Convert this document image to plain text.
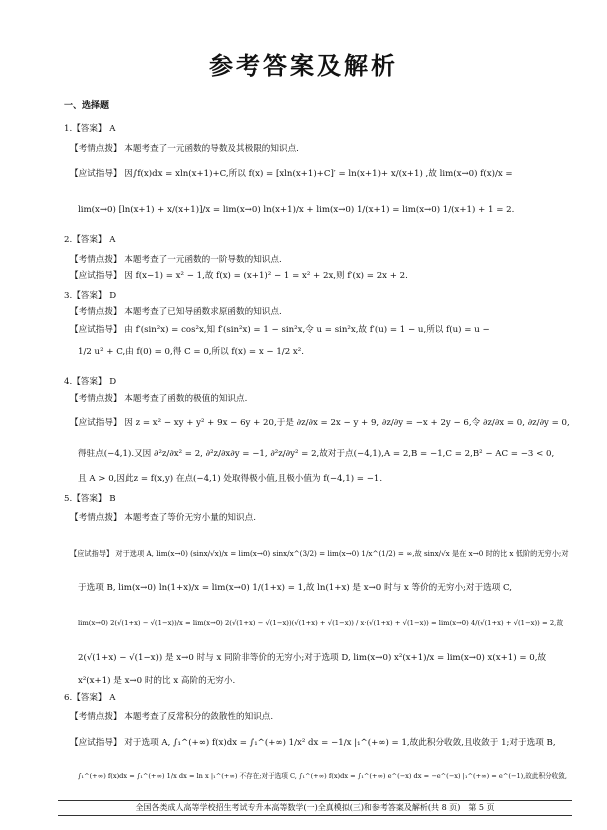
参考答案及解析
一、选择题
1.【答案】 A
【考情点拨】 本题考查了一元函数的导数及其极限的知识点.
【应试指导】 因∫f(x)dx = xln(x+1)+C,所以 f(x) = [xln(x+1)+C]′ = ln(x+1)+ x/(x+1) ,故 lim(x→0) f(x)/x =
lim(x→0) [ln(x+1) + x/(x+1)]/x = lim(x→0) ln(x+1)/x + lim(x→0) 1/(x+1) = lim(x→0) 1/(x+1) + 1 = 2.
2.【答案】 A
【考情点拨】 本题考查了一元函数的一阶导数的知识点.
【应试指导】 因 f(x−1) = x² − 1,故 f(x) = (x+1)² − 1 = x² + 2x,则 f′(x) = 2x + 2.
3.【答案】 D
【考情点拨】 本题考查了已知导函数求原函数的知识点.
【应试指导】 由 f′(sin²x) = cos²x,知 f′(sin²x) = 1 − sin²x,令 u = sin²x,故 f′(u) = 1 − u,所以 f(u) = u −
1/2 u² + C,由 f(0) = 0,得 C = 0,所以 f(x) = x − 1/2 x².
4.【答案】 D
【考情点拨】 本题考查了函数的极值的知识点.
【应试指导】 因 z = x² − xy + y² + 9x − 6y + 20,于是 ∂z/∂x = 2x − y + 9, ∂z/∂y = −x + 2y − 6,令 ∂z/∂x = 0, ∂z/∂y = 0,
得驻点(−4,1).又因 ∂²z/∂x² = 2, ∂²z/∂x∂y = −1, ∂²z/∂y² = 2,故对于点(−4,1),A = 2,B = −1,C = 2,B² − AC = −3 < 0,
且 A > 0,因此z = f(x,y) 在点(−4,1) 处取得极小值,且极小值为 f(−4,1) = −1.
5.【答案】 B
【考情点拨】 本题考查了等价无穷小量的知识点.
【应试指导】 对于选项 A, lim(x→0) (sinx/√x)/x = lim(x→0) sinx/x^(3/2) = lim(x→0) 1/x^(1/2) = ∞,故 sinx/√x 是在 x→0 时的比 x 低阶的无穷小;对
于选项 B, lim(x→0) ln(1+x)/x = lim(x→0) 1/(1+x) = 1,故 ln(1+x) 是 x→0 时与 x 等价的无穷小;对于选项 C,
lim(x→0) 2(√(1+x) − √(1−x))/x = lim(x→0) 2(√(1+x) − √(1−x))(√(1+x) + √(1−x)) / x·(√(1+x) + √(1−x)) = lim(x→0) 4/(√(1+x) + √(1−x)) = 2,故
2(√(1+x) − √(1−x)) 是 x→0 时与 x 同阶非等价的无穷小;对于选项 D, lim(x→0) x²(x+1)/x = lim(x→0) x(x+1) = 0,故
x²(x+1) 是 x→0 时的比 x 高阶的无穷小.
6.【答案】 A
【考情点拨】 本题考查了反常积分的敛散性的知识点.
【应试指导】 对于选项 A, ∫₁^(+∞) f(x)dx = ∫₁^(+∞) 1/x² dx = −1/x |₁^(+∞) = 1,故此积分收敛,且收敛于 1;对于选项 B,
∫₁^(+∞) f(x)dx = ∫₁^(+∞) 1/x dx = ln x |₁^(+∞) 不存在;对于选项 C, ∫₁^(+∞) f(x)dx = ∫₁^(+∞) e^(−x) dx = −e^(−x) |₁^(+∞) = e^(−1),故此积分收敛,
全国各类成人高等学校招生考试专升本高等数学(一)全真模拟(三)和参考答案及解析(共 8 页)　第 5 页
